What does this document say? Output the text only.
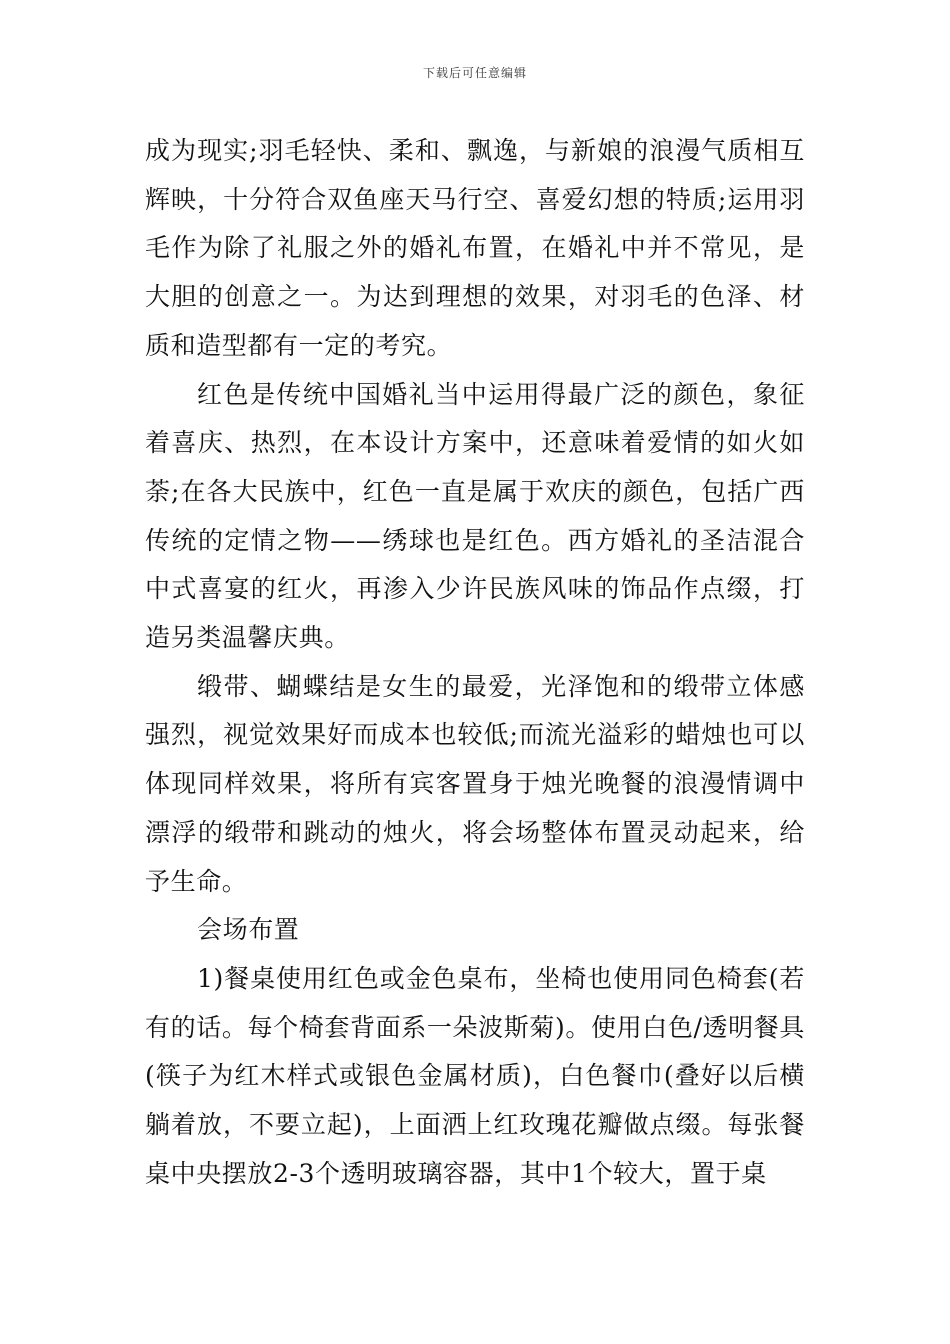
下载后可任意编辑

成为现实;羽毛轻快、柔和、飘逸，与新娘的浪漫气质相互辉映，十分符合双鱼座天马行空、喜爱幻想的特质;运用羽毛作为除了礼服之外的婚礼布置，在婚礼中并不常见，是大胆的创意之一。为达到理想的效果，对羽毛的色泽、材质和造型都有一定的考究。

红色是传统中国婚礼当中运用得最广泛的颜色，象征着喜庆、热烈，在本设计方案中，还意味着爱情的如火如荼;在各大民族中，红色一直是属于欢庆的颜色，包括广西传统的定情之物——绣球也是红色。西方婚礼的圣洁混合中式喜宴的红火，再渗入少许民族风味的饰品作点缀，打造另类温馨庆典。

缎带、蝴蝶结是女生的最爱，光泽饱和的缎带立体感强烈，视觉效果好而成本也较低;而流光溢彩的蜡烛也可以体现同样效果，将所有宾客置身于烛光晚餐的浪漫情调中漂浮的缎带和跳动的烛火，将会场整体布置灵动起来，给予生命。

会场布置

1)餐桌使用红色或金色桌布，坐椅也使用同色椅套(若有的话。每个椅套背面系一朵波斯菊)。使用白色/透明餐具(筷子为红木样式或银色金属材质)，白色餐巾(叠好以后横躺着放，不要立起)，上面洒上红玫瑰花瓣做点缀。每张餐桌中央摆放2-3个透明玻璃容器，其中1个较大，置于桌
